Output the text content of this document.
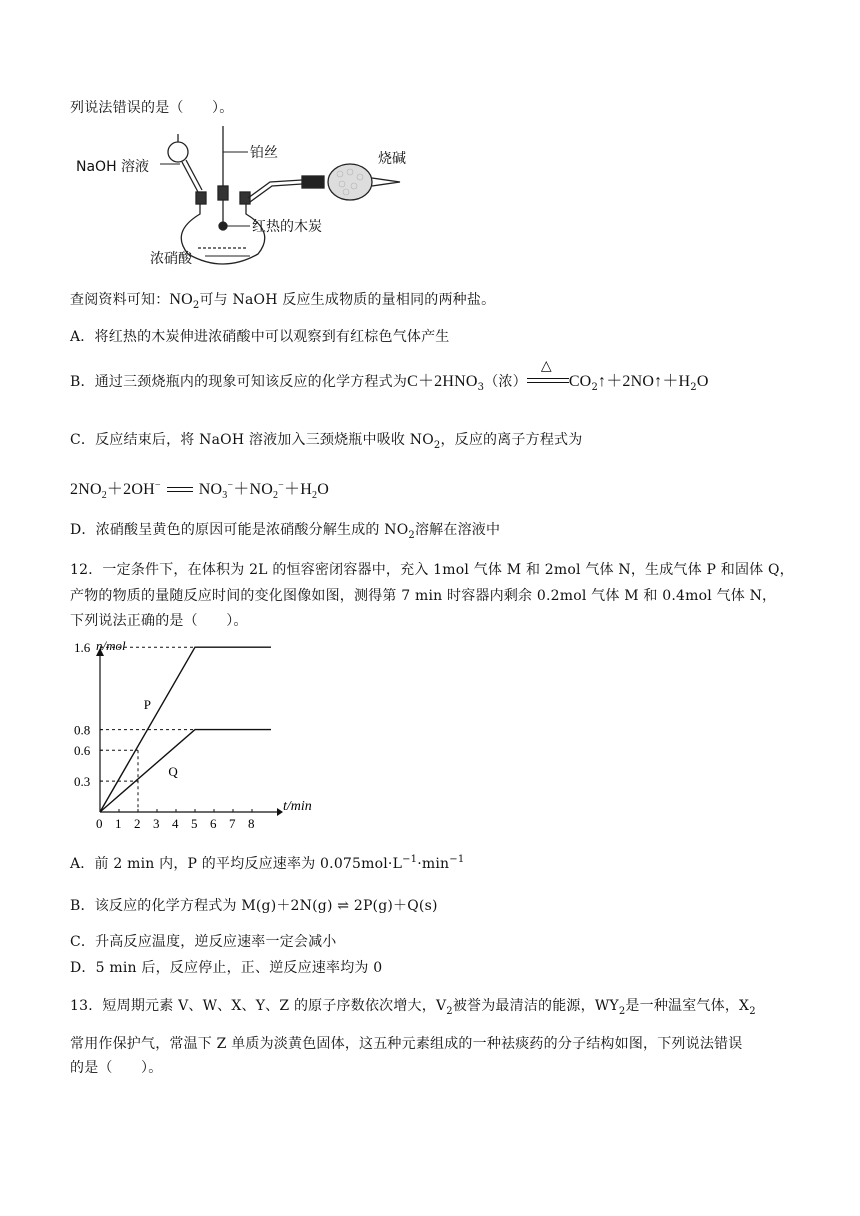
列说法错误的是（　　）。
NaOH 溶液
铂丝	烧碱
红热的木炭
浓硝酸
查阅资料可知：$NO_2$可与 NaOH 反应生成物质的量相同的两种盐。
A．将红热的木炭伸进浓硝酸中可以观察到有红棕色气体产生
B．通过三颈烧瓶内的现象可知该反应的化学方程式为$C+2HNO_3$（浓）
△
$CO_2↑+2NO↑+H_2O$
C．反应结束后，将 NaOH 溶液加入三颈烧瓶中吸收 $NO_2$，反应的离子方程式为
$2NO_2+2OH^-$ $NO_3^-+NO_2^-+H_2O$
D．浓硝酸呈黄色的原因可能是浓硝酸分解生成的 $NO_2$溶解在溶液中
12．一定条件下，在体积为 2L 的恒容密闭容器中，充入 1mol 气体 M 和 2mol 气体 N，生成气体 P 和固体 Q，
产物的物质的量随反应时间的变化图像如图，测得第 7 min 时容器内剩余 0.2mol 气体 M 和 0.4mol 气体 N，
下列说法正确的是（　　）。
t/min
n/mol
0 1 2 3 4 5 6 7 8
1.6
0.8
0.6
0.3
P
Q
A．前 2 min 内，P 的平均反应速率为 $0.075mol\cdot L^{-1}\cdot\min^{-1}$
B．该反应的化学方程式为 M(g)＋2N(g) ⇌ 2P(g)＋Q(s)
C．升高反应温度，逆反应速率一定会减小
D．5 min 后，反应停止，正、逆反应速率均为 0
13．短周期元素 V、W、X、Y、Z 的原子序数依次增大，$V_2$被誉为最清洁的能源，$WY_2$是一种温室气体，$X_2$
常用作保护气，常温下 Z 单质为淡黄色固体，这五种元素组成的一种祛痰药的分子结构如图，下列说法错误
的是（　　）。
